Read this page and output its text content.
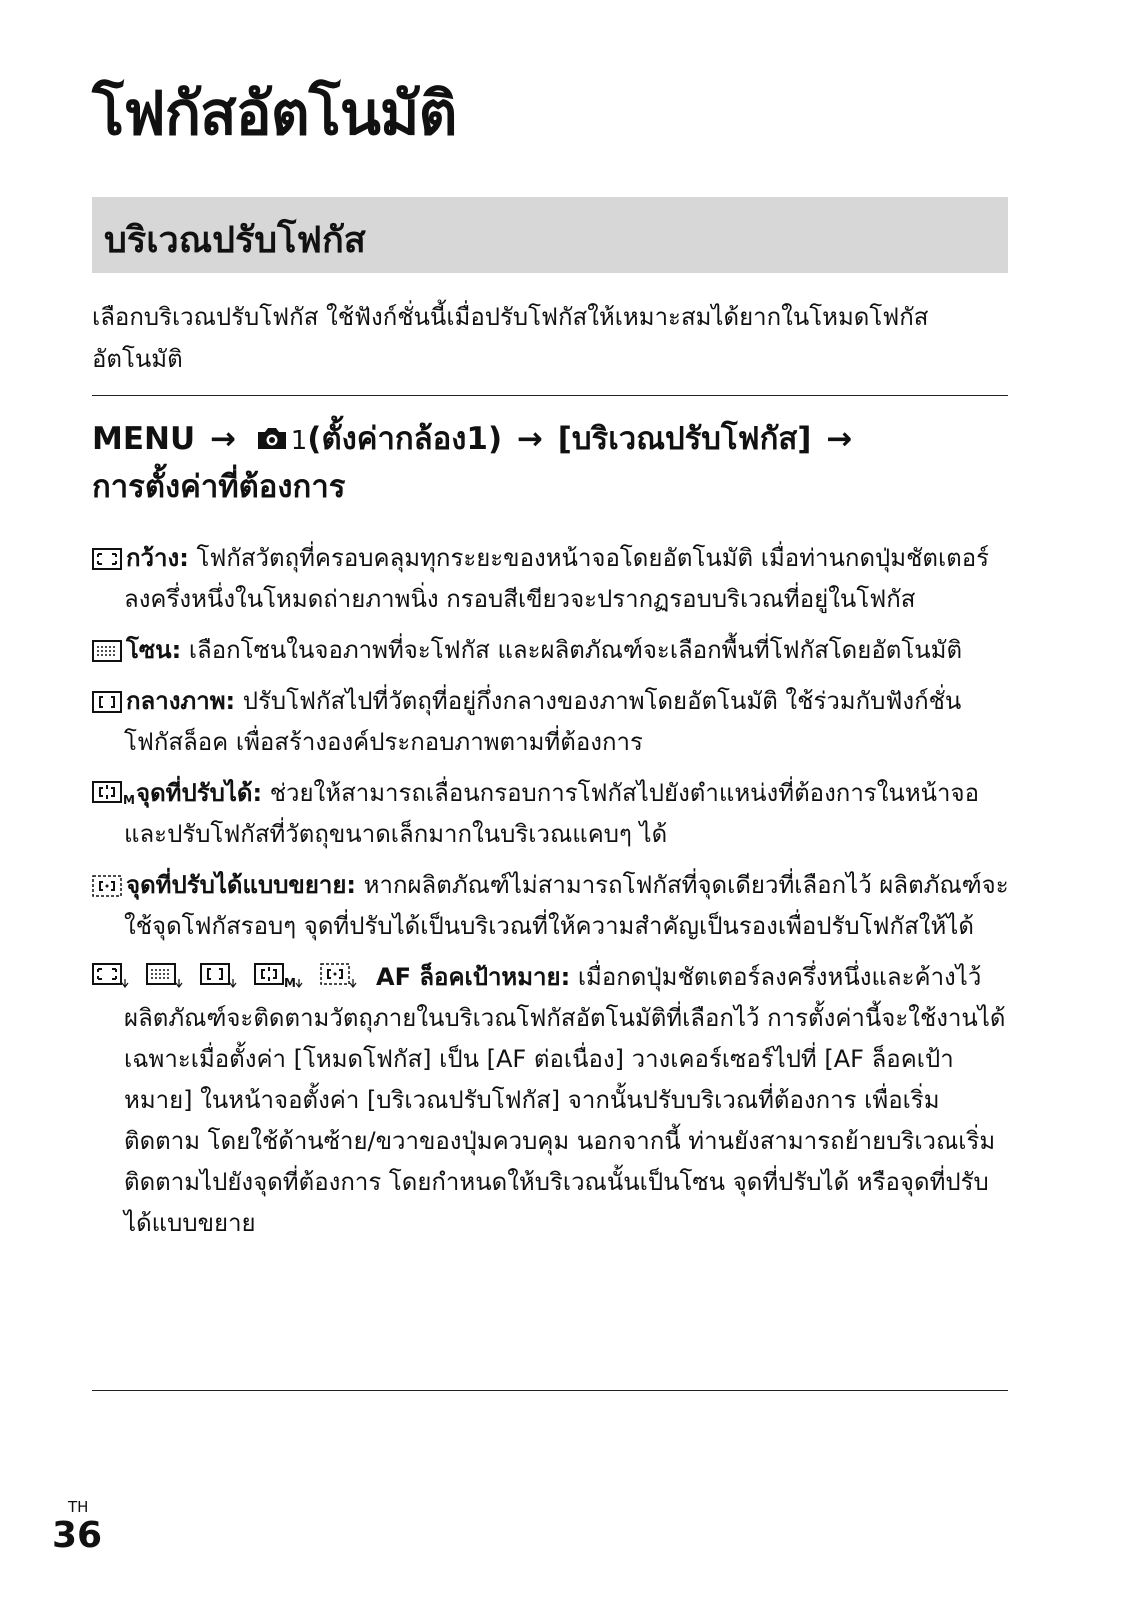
โฟกัสอัตโนมัติ
บริเวณปรับโฟกัส

เลือกบริเวณปรับโฟกัส ใช้ฟังก์ชั่นนี้เมื่อปรับโฟกัสให้เหมาะสมได้ยากในโหมดโฟกัสอัตโนมัติ

MENU → 1(ตั้งค่ากล้อง1) → [บริเวณปรับโฟกัส] →
การตั้งค่าที่ต้องการ

กว้าง: โฟกัสวัตถุที่ครอบคลุมทุกระยะของหน้าจอโดยอัตโนมัติ เมื่อท่านกดปุ่มชัตเตอร์ลงครึ่งหนึ่งในโหมดถ่ายภาพนิ่ง กรอบสีเขียวจะปรากฏรอบบริเวณที่อยู่ในโฟกัส

โซน: เลือกโซนในจอภาพที่จะโฟกัส และผลิตภัณฑ์จะเลือกพื้นที่โฟกัสโดยอัตโนมัติ

กลางภาพ: ปรับโฟกัสไปที่วัตถุที่อยู่กึ่งกลางของภาพโดยอัตโนมัติ ใช้ร่วมกับฟังก์ชั่นโฟกัสล็อค เพื่อสร้างองค์ประกอบภาพตามที่ต้องการ

M จุดที่ปรับได้: ช่วยให้สามารถเลื่อนกรอบการโฟกัสไปยังตำแหน่งที่ต้องการในหน้าจอ และปรับโฟกัสที่วัตถุขนาดเล็กมากในบริเวณแคบๆ ได้

จุดที่ปรับได้แบบขยาย: หากผลิตภัณฑ์ไม่สามารถโฟกัสที่จุดเดียวที่เลือกไว้ ผลิตภัณฑ์จะใช้จุดโฟกัสรอบๆ จุดที่ปรับได้เป็นบริเวณที่ให้ความสำคัญเป็นรองเพื่อปรับโฟกัสให้ได้

M	AF ล็อคเป้าหมาย: เมื่อกดปุ่มชัตเตอร์ลงครึ่งหนึ่งและค้างไว้ ผลิตภัณฑ์จะติดตามวัตถุภายในบริเวณโฟกัสอัตโนมัติที่เลือกไว้ การตั้งค่านี้จะใช้งานได้เฉพาะเมื่อตั้งค่า [โหมดโฟกัส] เป็น [AF ต่อเนื่อง] วางเคอร์เซอร์ไปที่ [AF ล็อคเป้าหมาย] ในหน้าจอตั้งค่า [บริเวณปรับโฟกัส] จากนั้นปรับบริเวณที่ต้องการ เพื่อเริ่มติดตาม โดยใช้ด้านซ้าย/ขวาของปุ่มควบคุม นอกจากนี้ ท่านยังสามารถย้ายบริเวณเริ่มติดตามไปยังจุดที่ต้องการ โดยกำหนดให้บริเวณนั้นเป็นโซน จุดที่ปรับได้ หรือจุดที่ปรับได้แบบขยาย

TH

36
